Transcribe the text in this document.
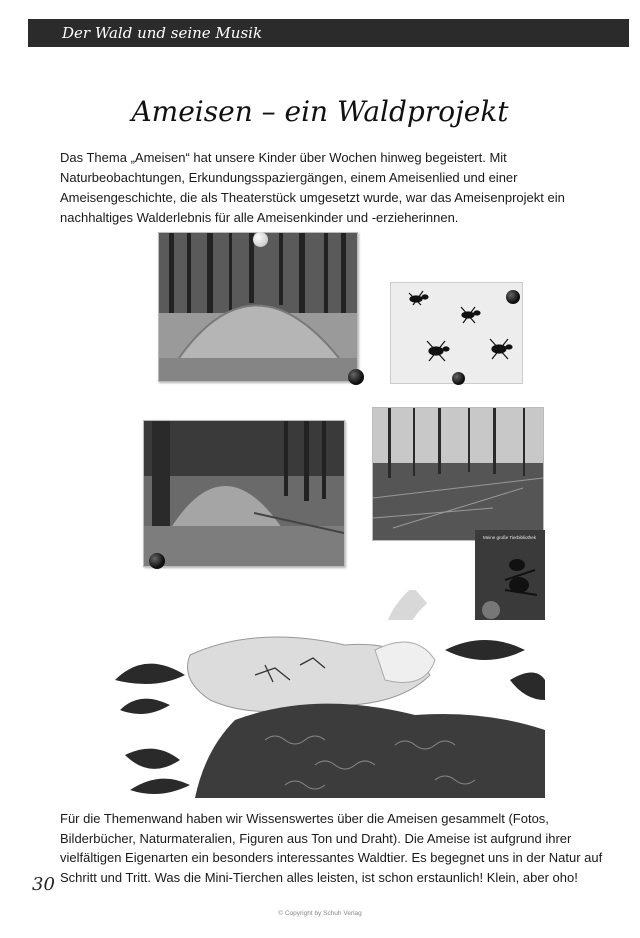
Der Wald und seine Musik
Ameisen – ein Waldprojekt

Das Thema „Ameisen“ hat unsere Kinder über Wochen hinweg begeistert. Mit Naturbeobachtungen, Erkundungsspaziergängen, einem Ameisenlied und einer Ameisengeschichte, die als Theaterstück umgesetzt wurde, war das Ameisenprojekt ein nachhaltiges Walderlebnis für alle Ameisenkinder und -erzieherinnen.

Meine große Tierbibliothek

Für die Themenwand haben wir Wissenswertes über die Ameisen gesammelt (Fotos, Bilderbücher, Naturmateralien, Figuren aus Ton und Draht). Die Ameise ist aufgrund ihrer vielfältigen Eigenarten ein besonders interessantes Waldtier. Es begegnet uns in der Natur auf Schritt und Tritt. Was die Mini-Tierchen alles leisten, ist schon erstaunlich! Klein, aber oho!

30
© Copyright by Schuh Verlag
